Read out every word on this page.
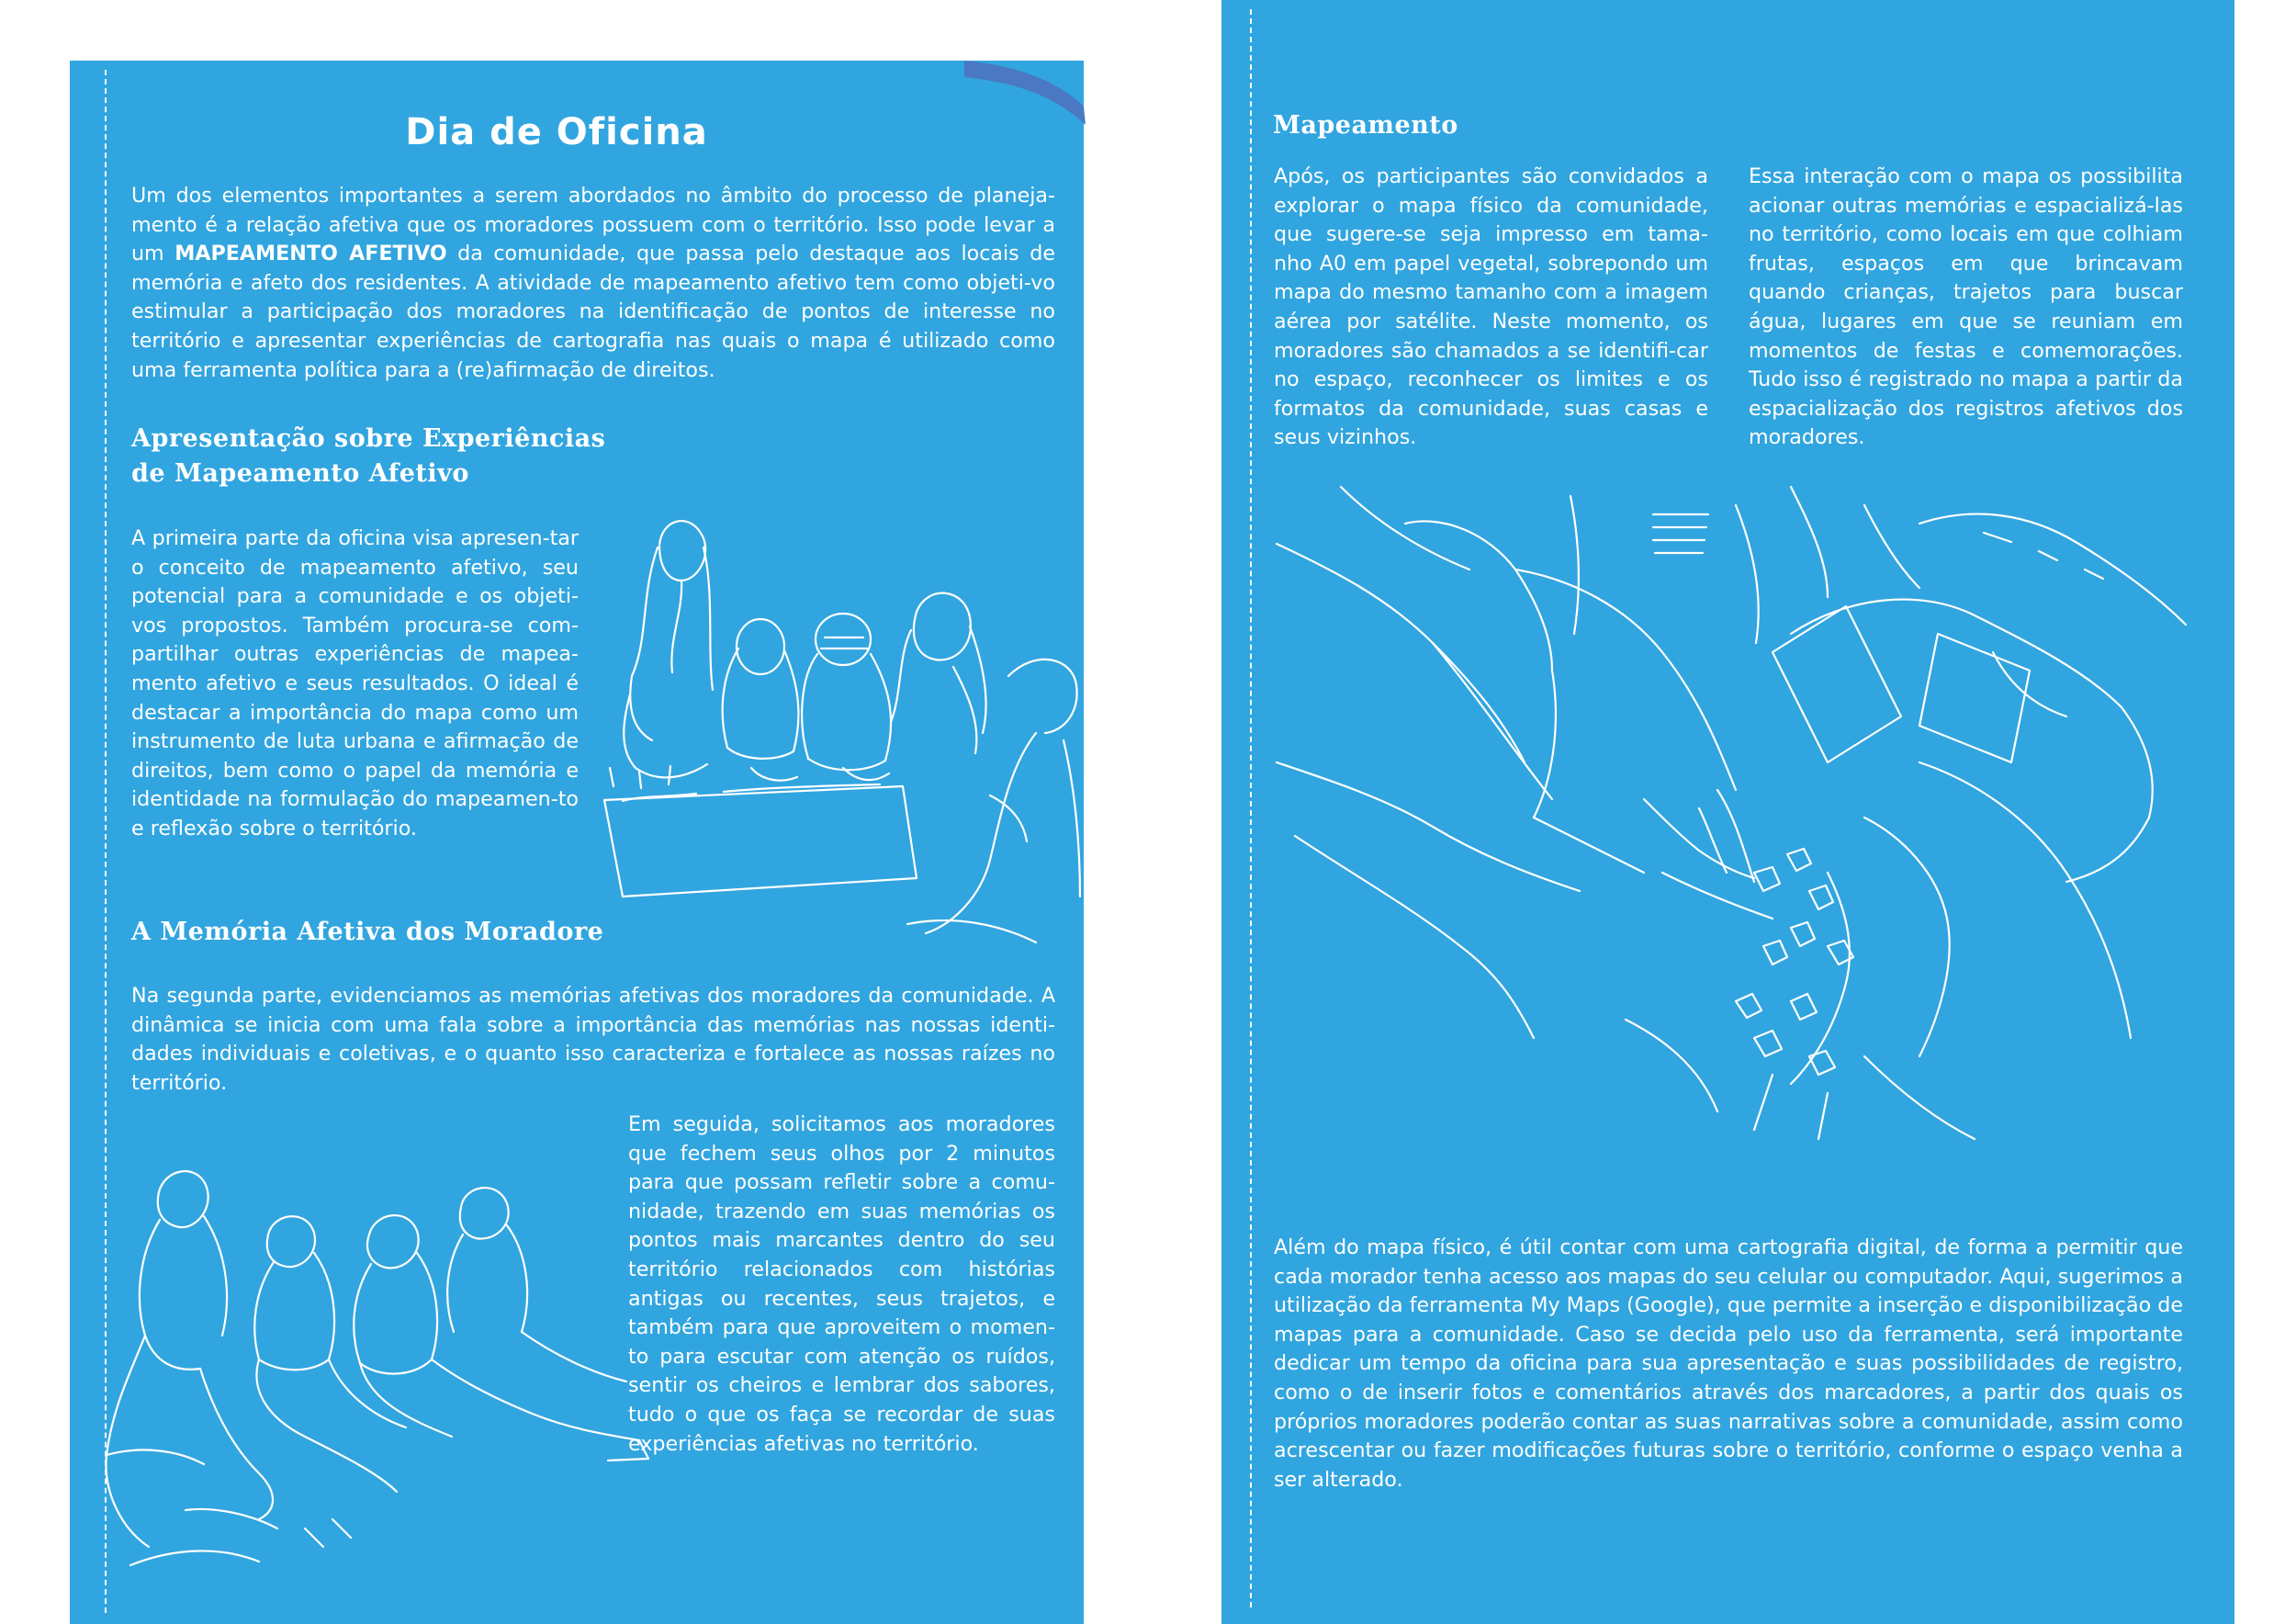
Dia de Oficina

Um dos elementos importantes a serem abordados no âmbito do processo de planeja-mento é a relação afetiva que os moradores possuem com o território. Isso pode levar a um MAPEAMENTO AFETIVO da comunidade, que passa pelo destaque aos locais de memória e afeto dos residentes. A atividade de mapeamento afetivo tem como objeti-vo estimular a participação dos moradores na identificação de pontos de interesse no território e apresentar experiências de cartografia nas quais o mapa é utilizado como uma ferramenta política para a (re)afirmação de direitos.

Apresentação sobre Experiências
de Mapeamento Afetivo

A primeira parte da oficina visa apresen-tar o conceito de mapeamento afetivo, seu potencial para a comunidade e os objeti-vos propostos. Também procura-se com-partilhar outras experiências de mapea-mento afetivo e seus resultados. O ideal é destacar a importância do mapa como um instrumento de luta urbana e afirmação de direitos, bem como o papel da memória e identidade na formulação do mapeamen-to e reflexão sobre o território.

A Memória Afetiva dos Moradore

Na segunda parte, evidenciamos as memórias afetivas dos moradores da comunidade. A dinâmica se inicia com uma fala sobre a importância das memórias nas nossas identi-dades individuais e coletivas, e o quanto isso caracteriza e fortalece as nossas raízes no território.

Em seguida, solicitamos aos moradores que fechem seus olhos por 2 minutos para que possam refletir sobre a comu-nidade, trazendo em suas memórias os pontos mais marcantes dentro do seu território relacionados com histórias antigas ou recentes, seus trajetos, e também para que aproveitem o momen-to para escutar com atenção os ruídos, sentir os cheiros e lembrar dos sabores, tudo o que os faça se recordar de suas experiências afetivas no território.

Mapeamento

Após, os participantes são convidados a explorar o mapa físico da comunidade, que sugere-se seja impresso em tama-nho A0 em papel vegetal, sobrepondo um mapa do mesmo tamanho com a imagem aérea por satélite. Neste momento, os moradores são chamados a se identifi-car no espaço, reconhecer os limites e os formatos da comunidade, suas casas e seus vizinhos.

Essa interação com o mapa os possibilita acionar outras memórias e espacializá-las no território, como locais em que colhiam frutas, espaços em que brincavam quando crianças, trajetos para buscar água, lugares em que se reuniam em momentos de festas e comemorações. Tudo isso é registrado no mapa a partir da espacialização dos registros afetivos dos moradores.

Além do mapa físico, é útil contar com uma cartografia digital, de forma a permitir que cada morador tenha acesso aos mapas do seu celular ou computador. Aqui, sugerimos a utilização da ferramenta My Maps (Google), que permite a inserção e disponibilização de mapas para a comunidade. Caso se decida pelo uso da ferramenta, será importante dedicar um tempo da oficina para sua apresentação e suas possibilidades de registro, como o de inserir fotos e comentários através dos marcadores, a partir dos quais os próprios moradores poderão contar as suas narrativas sobre a comunidade, assim como acrescentar ou fazer modificações futuras sobre o território, conforme o espaço venha a ser alterado.
